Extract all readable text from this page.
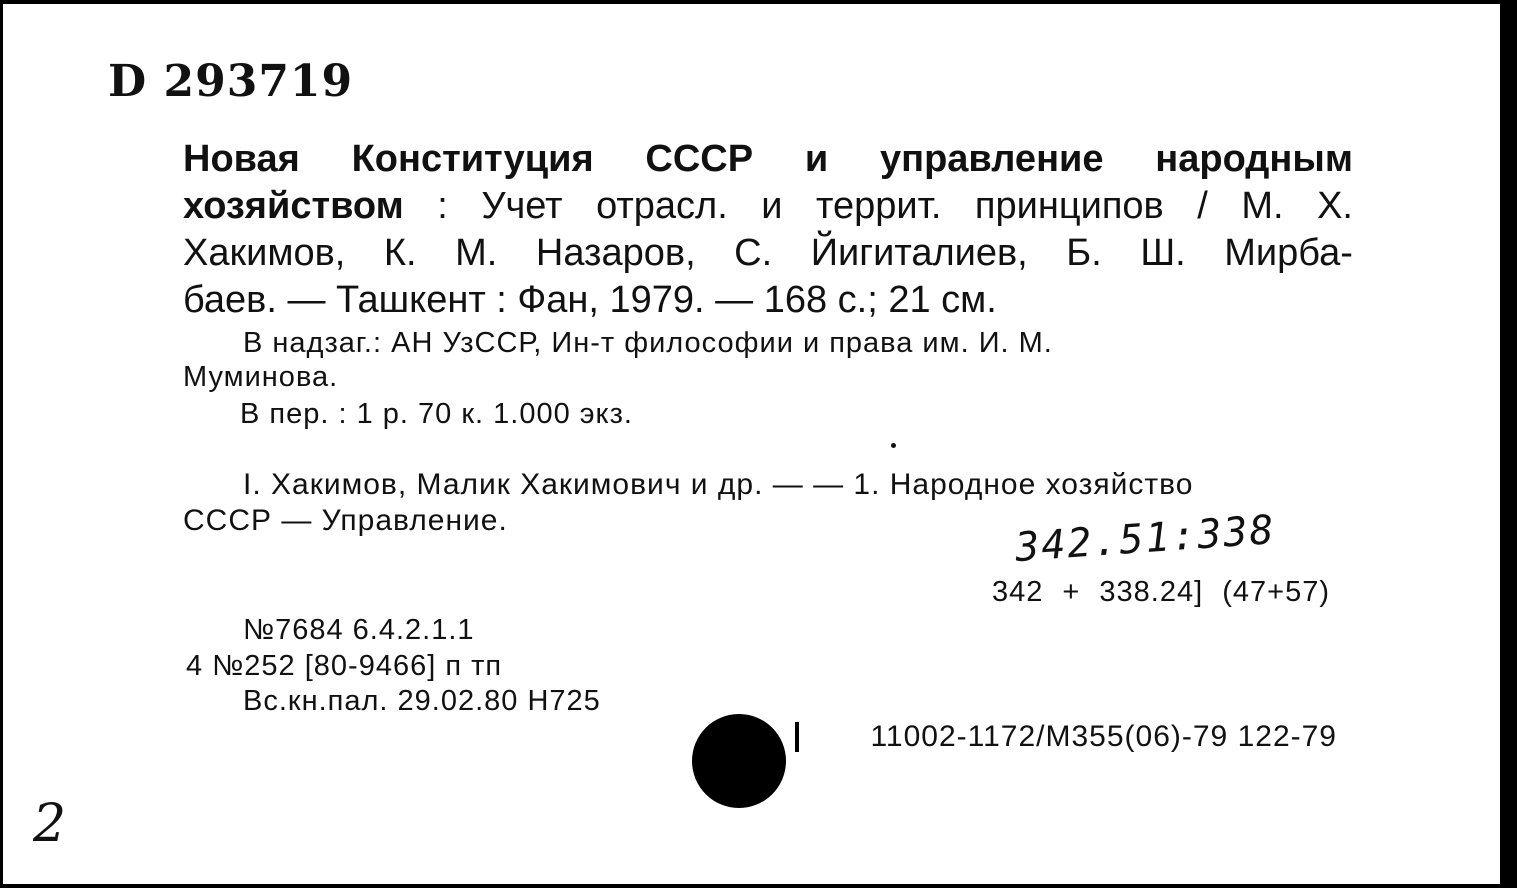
D 293719
Новая Конституция СССР и управление народным
хозяйством : Учет отрасл. и террит. принципов / М. Х.
Хакимов, К. М. Назаров, С. Йигиталиев, Б. Ш. Мирба-
баев. — Ташкент : Фан, 1979. — 168 с.; 21 см.
В надзаг.: АН УзССР, Ин-т философии и права им. И. М.
Муминова.
В пер. : 1 р. 70 к. 1.000 экз.
I. Хакимов, Малик Хакимович и др. — — 1. Народное хозяйство
СССР — Управление.	342.51:338
342 + 338.24] (47+57)
№7684 6.4.2.1.1
4 №252 [80-9466] п тп
Вс.кн.пал. 29.02.80 Н725
11002-1172/М355(06)-79 122-79
2
